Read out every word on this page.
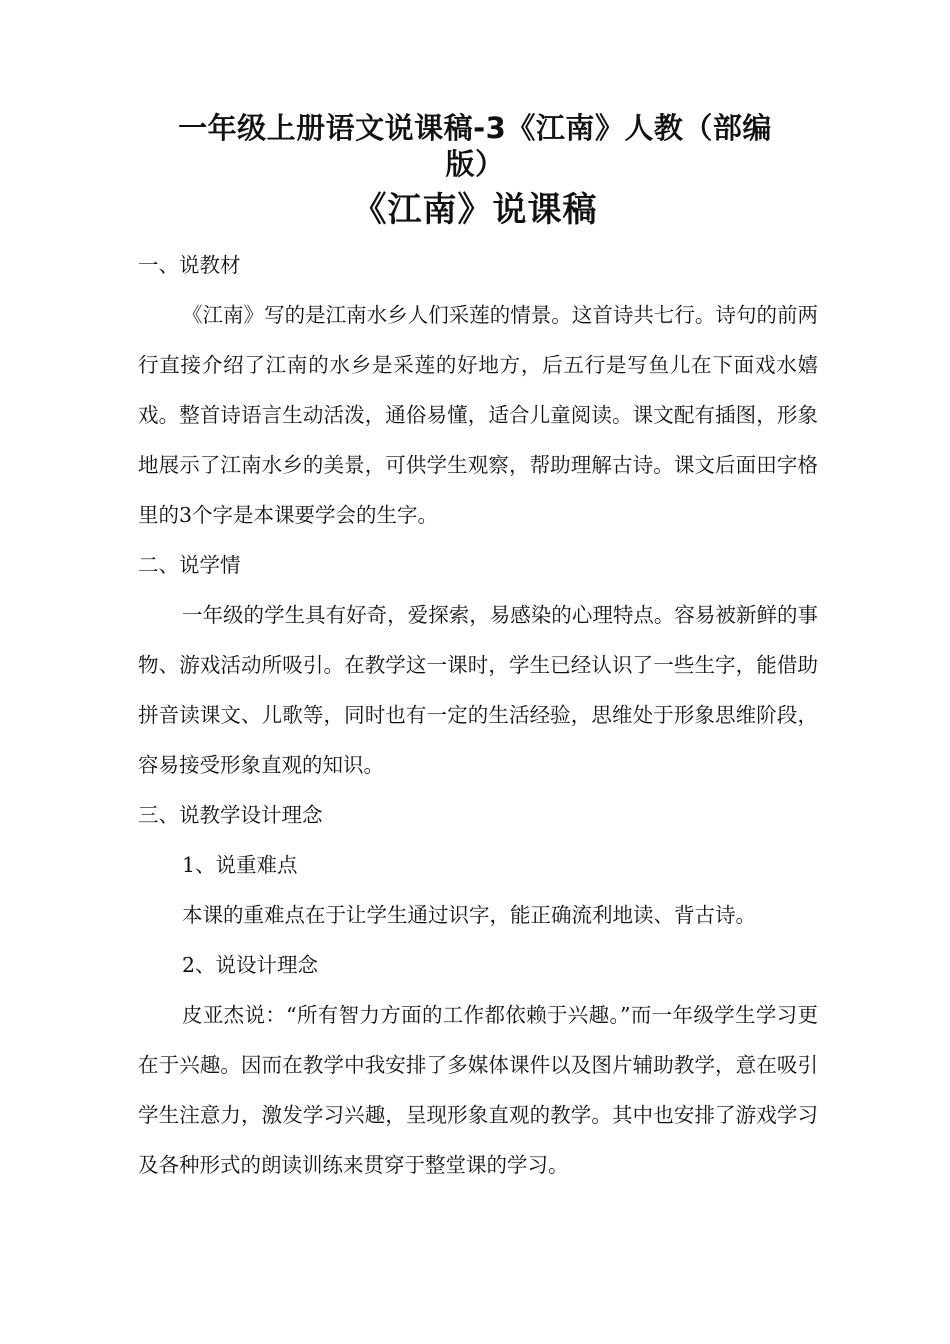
一年级上册语文说课稿-3《江南》人教（部编
版）
《江南》说课稿

一、说教材

《江南》写的是江南水乡人们采莲的情景。这首诗共七行。诗句的前两行直接介绍了江南的水乡是采莲的好地方，后五行是写鱼儿在下面戏水嬉戏。整首诗语言生动活泼，通俗易懂，适合儿童阅读。课文配有插图，形象地展示了江南水乡的美景，可供学生观察，帮助理解古诗。课文后面田字格里的3个字是本课要学会的生字。

二、说学情

一年级的学生具有好奇，爱探索，易感染的心理特点。容易被新鲜的事物、游戏活动所吸引。在教学这一课时，学生已经认识了一些生字，能借助拼音读课文、儿歌等，同时也有一定的生活经验，思维处于形象思维阶段，容易接受形象直观的知识。

三、说教学设计理念

1、说重难点

本课的重难点在于让学生通过识字，能正确流利地读、背古诗。

2、说设计理念

皮亚杰说：“所有智力方面的工作都依赖于兴趣。”而一年级学生学习更在于兴趣。因而在教学中我安排了多媒体课件以及图片辅助教学，意在吸引学生注意力，激发学习兴趣，呈现形象直观的教学。其中也安排了游戏学习及各种形式的朗读训练来贯穿于整堂课的学习。
